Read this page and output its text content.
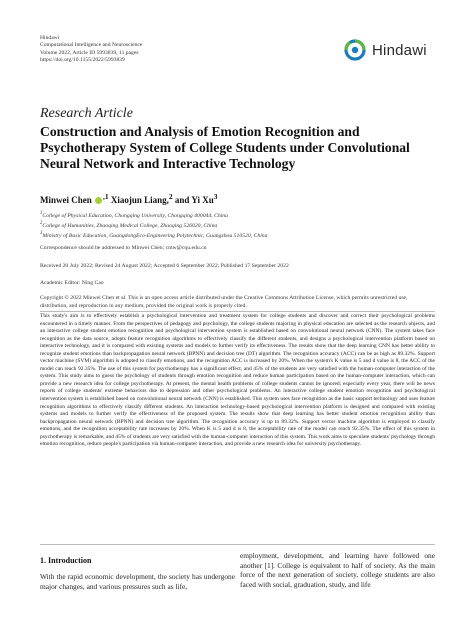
Hindawi
Computational Intelligence and Neuroscience
Volume 2022, Article ID 5993839, 11 pages
https://doi.org/10.1155/2022/5993839
Hindawi
Research Article
Construction and Analysis of Emotion Recognition and Psychotherapy System of College Students under Convolutional Neural Network and Interactive Technology
Minwei Chen $^{,1}$ Xiaojun Liang,$^2$ and Yi Xu$^3$
$^1$College of Physical Education, Chongqing University, Chongqing 400044, China
$^2$College of Humanities, Zhaoqing Medical College, Zhaoqing 526020, China
$^3$Ministry of Basic Education, GuangdongEco-Engineering Polytechnic, Guangzhou 510520, China
Correspondence should be addressed to Minwei Chen; cmw@cqu.edu.cn
Received 20 July 2022; Revised 24 August 2022; Accepted 6 September 2022; Published 17 September 2022
Academic Editor: Ning Cao
Copyright © 2022 Minwei Chen et al. This is an open access article distributed under the Creative Commons Attribution License, which permits unrestricted use, distribution, and reproduction in any medium, provided the original work is properly cited.
This study's aim is to effectively establish a psychological intervention and treatment system for college students and discover and correct their psychological problems encountered in a timely manner. From the perspectives of pedagogy and psychology, the college students majoring in physical education are selected as the research objects, and an interactive college student emotion recognition and psychological intervention system is established based on convolutional neural network (CNN). The system takes face recognition as the data source, adopts feature recognition algorithms to effectively classify the different students, and designs a psychological intervention platform based on interactive technology, and it is compared with existing systems and models to further verify its effectiveness. The results show that the deep learning CNN has better ability to recognize student emotions than backpropagation neural network (BPNN) and decision tree (DT) algorithm. The recognition accuracy (ACC) can be as high as 89.32%. Support vector machine (SVM) algorithm is adopted to classify emotions, and the recognition ACC is increased by 20%. When the system's K value is 5 and d value is 8, the ACC of the model can reach 92.35%. The use of this system for psychotherapy has a significant effect, and 45% of the students are very satisfied with the human-computer interaction of the system. This study aims to guess the psychology of students through emotion recognition and reduce human participation based on the human-computer interaction, which can provide a new research idea for college psychotherapy. At present, the mental health problems of college students cannot be ignored; especially every year, there will be news reports of college students' extreme behaviors due to depression and other psychological problems. An interactive college student emotion recognition and psychological intervention system is established based on convolutional neural network (CNN) is established. This system uses face recognition as the basic support technology and uses feature recognition algorithms to effectively classify different students. An interaction technology-based psychological intervention platform is designed and compared with existing systems and models to further verify the effectiveness of the proposed system. The results show that deep learning has better student emotion recognition ability than backpropagation neural network (BPNN) and decision tree algorithm. The recognition accuracy is up to 89.32%. Support vector machine algorithm is employed to classify emotions, and the recognition acceptability rate increases by 20%. When K is 5 and d is 8, the acceptability rate of the model can reach 92.35%. The effect of this system in psychotherapy is remarkable, and 45% of students are very satisfied with the human-computer interaction of this system. This work aims to speculate students' psychology through emotion recognition, reduce people's participation via human-computer interaction, and provide a new research idea for university psychotherapy.
1. Introduction
With the rapid economic development, the society has undergone major changes, and various pressures such as life,
employment, development, and learning have followed one another [1]. College is equivalent to half of society. As the main force of the next generation of society, college students are also faced with social, graduation, study, and life
